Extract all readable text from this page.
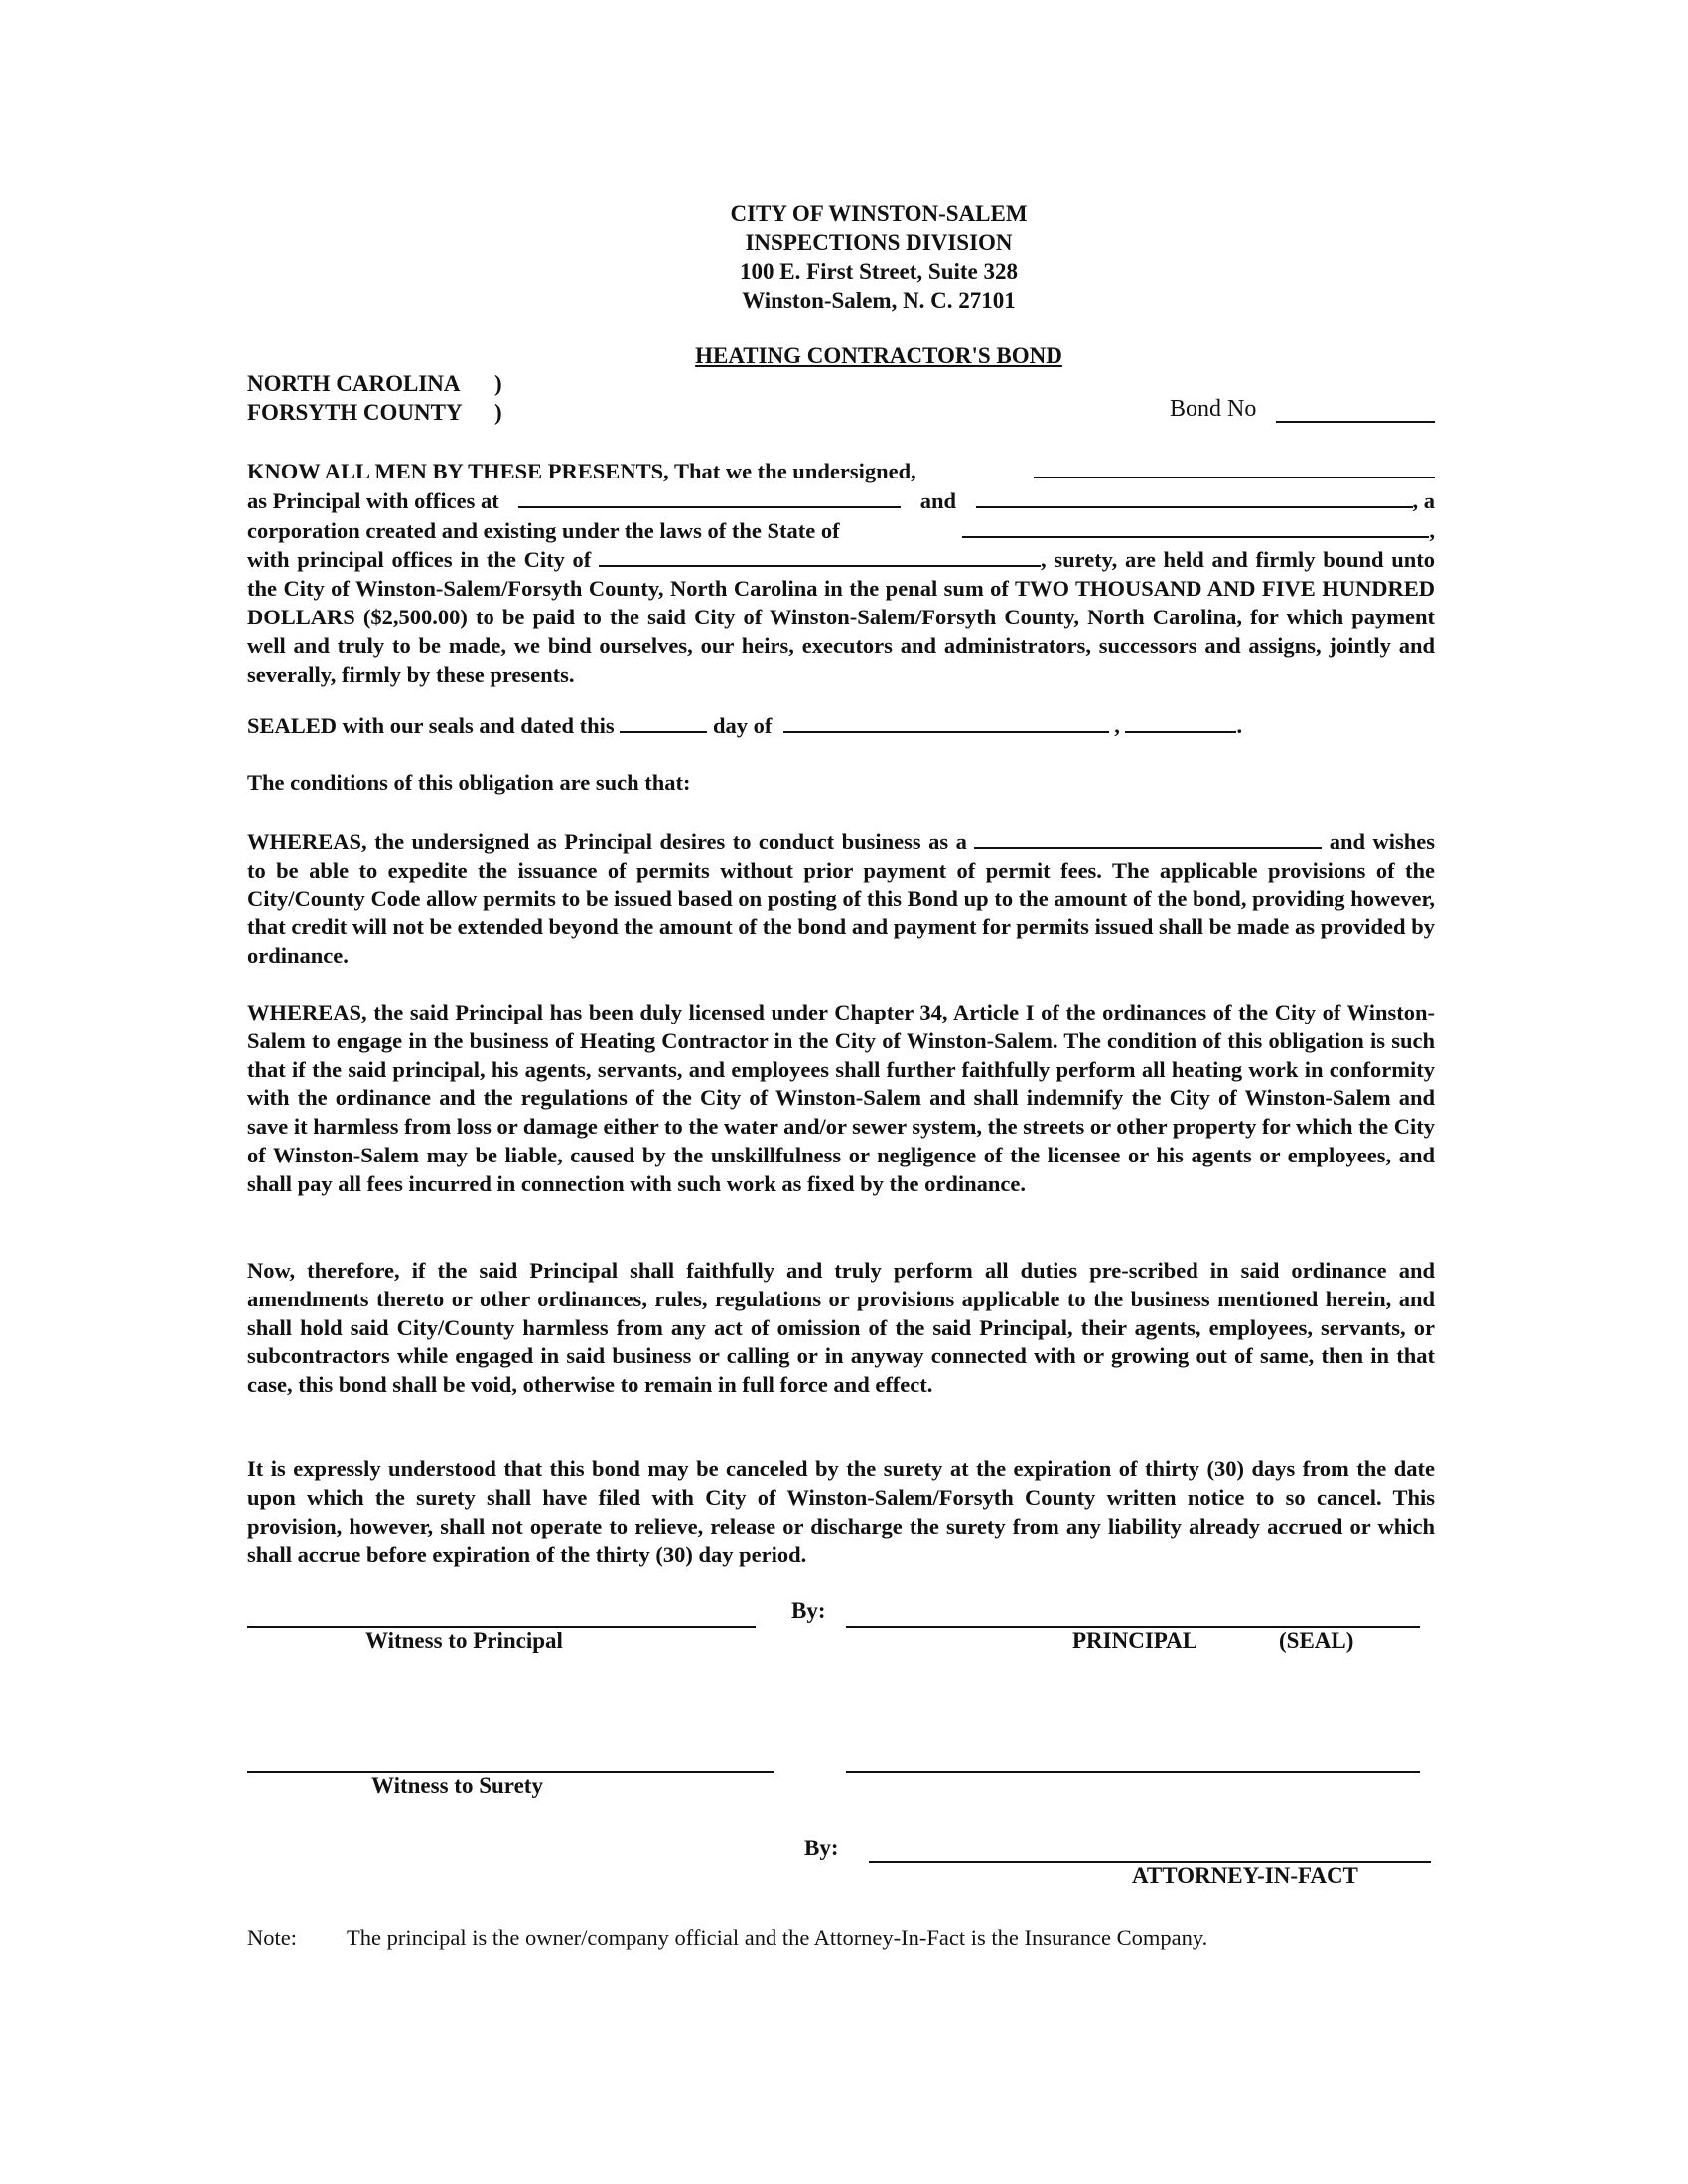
CITY OF WINSTON-SALEM
INSPECTIONS DIVISION
100 E. First Street, Suite 328
Winston-Salem, N. C. 27101
HEATING CONTRACTOR'S BOND
NORTH CAROLINA )
FORSYTH COUNTY )	Bond No
KNOW ALL MEN BY THESE PRESENTS, That we the undersigned,
as Principal with offices at	and	, a
corporation created and existing under the laws of the State of	,
with principal offices in the City of	, surety, are held and firmly bound unto the City of Winston-Salem/Forsyth County, North Carolina in the penal sum of TWO THOUSAND AND FIVE HUNDRED DOLLARS ($2,500.00) to be paid to the said City of Winston-Salem/Forsyth County, North Carolina, for which payment well and truly to be made, we bind ourselves, our heirs, executors and administrators, successors and assigns, jointly and severally, firmly by these presents.
SEALED with our seals and dated this	day of	,	.
The conditions of this obligation are such that:
WHEREAS, the undersigned as Principal desires to conduct business as a	and wishes to be able to expedite the issuance of permits without prior payment of permit fees. The applicable provisions of the City/County Code allow permits to be issued based on posting of this Bond up to the amount of the bond, providing however, that credit will not be extended beyond the amount of the bond and payment for permits issued shall be made as provided by ordinance.
WHEREAS, the said Principal has been duly licensed under Chapter 34, Article I of the ordinances of the City of Winston-Salem to engage in the business of Heating Contractor in the City of Winston-Salem. The condition of this obligation is such that if the said principal, his agents, servants, and employees shall further faithfully perform all heating work in conformity with the ordinance and the regulations of the City of Winston-Salem and shall indemnify the City of Winston-Salem and save it harmless from loss or damage either to the water and/or sewer system, the streets or other property for which the City of Winston-Salem may be liable, caused by the unskillfulness or negligence of the licensee or his agents or employees, and shall pay all fees incurred in connection with such work as fixed by the ordinance.
Now, therefore, if the said Principal shall faithfully and truly perform all duties pre-scribed in said ordinance and amendments thereto or other ordinances, rules, regulations or provisions applicable to the business mentioned herein, and shall hold said City/County harmless from any act of omission of the said Principal, their agents, employees, servants, or subcontractors while engaged in said business or calling or in anyway connected with or growing out of same, then in that case, this bond shall be void, otherwise to remain in full force and effect.
It is expressly understood that this bond may be canceled by the surety at the expiration of thirty (30) days from the date upon which the surety shall have filed with City of Winston-Salem/Forsyth County written notice to so cancel. This provision, however, shall not operate to relieve, release or discharge the surety from any liability already accrued or which shall accrue before expiration of the thirty (30) day period.
By:
Witness to Principal	PRINCIPAL	(SEAL)
Witness to Surety
By:
ATTORNEY-IN-FACT
Note: The principal is the owner/company official and the Attorney-In-Fact is the Insurance Company.
